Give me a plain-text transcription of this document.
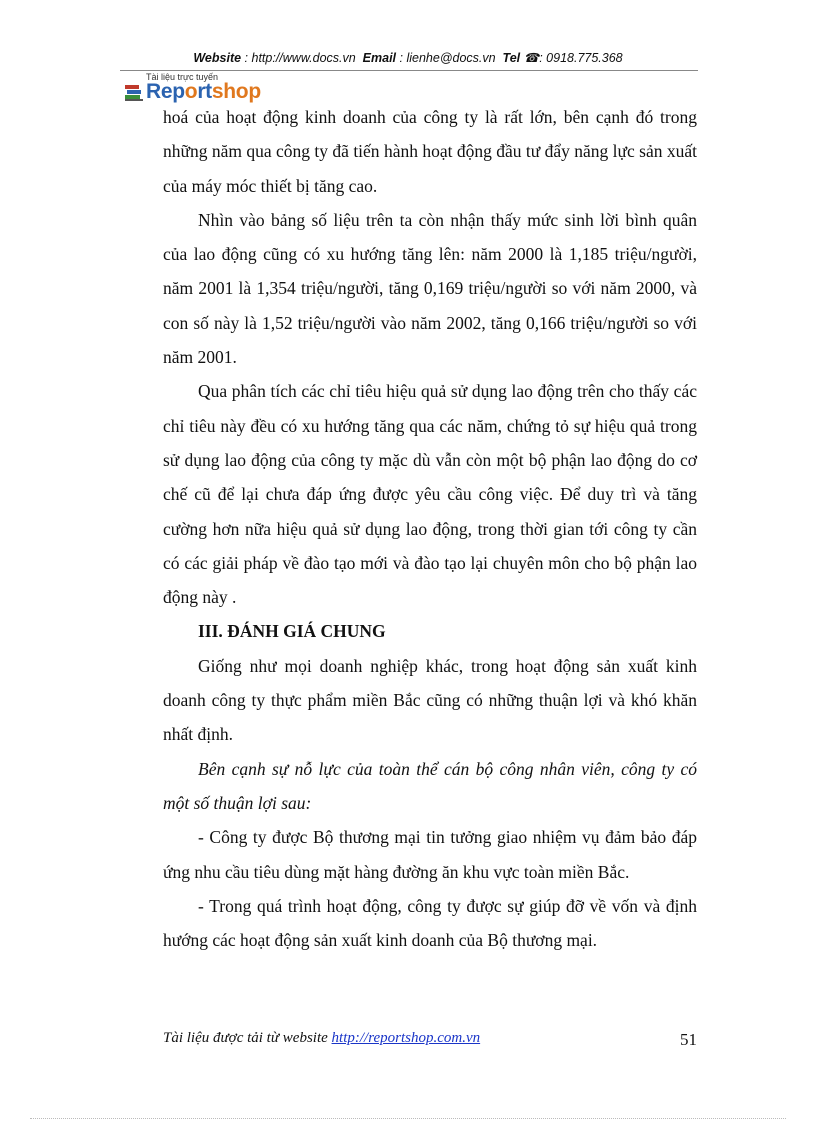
Website : http://www.docs.vn Email : lienhe@docs.vn Tel ☎: 0918.775.368
Tài liệu trực tuyến
Reportshop

hoá của hoạt động kinh doanh của công ty là rất lớn, bên cạnh đó trong những năm qua công ty đã tiến hành hoạt động đầu tư đẩy năng lực sản xuất của máy móc thiết bị tăng cao.

Nhìn vào bảng số liệu trên ta còn nhận thấy mức sinh lời bình quân của lao động cũng có xu hướng tăng lên: năm 2000 là 1,185 triệu/người, năm 2001 là 1,354 triệu/người, tăng 0,169 triệu/người so với năm 2000, và con số này là 1,52 triệu/người vào năm 2002, tăng 0,166 triệu/người so với năm 2001.

Qua phân tích các chỉ tiêu hiệu quả sử dụng lao động trên cho thấy các chỉ tiêu này đều có xu hướng tăng qua các năm, chứng tỏ sự hiệu quả trong sử dụng lao động của công ty mặc dù vẫn còn một bộ phận lao động do cơ chế cũ để lại chưa đáp ứng được yêu cầu công việc. Để duy trì và tăng cường hơn nữa hiệu quả sử dụng lao động, trong thời gian tới công ty cần có các giải pháp về đào tạo mới và đào tạo lại chuyên môn cho bộ phận lao động này .

III. ĐÁNH GIÁ CHUNG

Giống như mọi doanh nghiệp khác, trong hoạt động sản xuất kinh doanh công ty thực phẩm miền Bắc cũng có những thuận lợi và khó khăn nhất định.

Bên cạnh sự nỗ lực của toàn thể cán bộ công nhân viên, công ty có một số thuận lợi sau:

- Công ty được Bộ thương mại tin tưởng giao nhiệm vụ đảm bảo đáp ứng nhu cầu tiêu dùng mặt hàng đường ăn khu vực toàn miền Bắc.

- Trong quá trình hoạt động, công ty được sự giúp đỡ về vốn và định hướng các hoạt động sản xuất kinh doanh của Bộ thương mại.

Tài liệu được tải từ website http://reportshop.com.vn	51
